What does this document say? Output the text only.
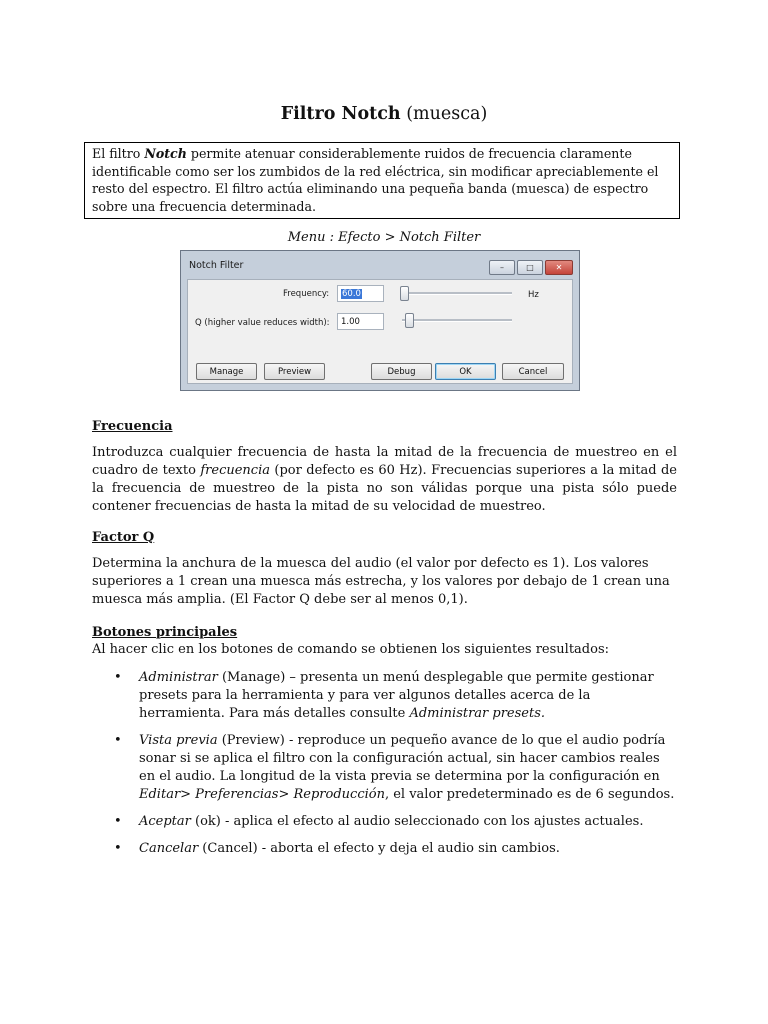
Filtro Notch (muesca)
El filtro Notch permite atenuar considerablemente ruidos de frecuencia claramente identificable como ser los zumbidos de la red eléctrica, sin modificar apreciablemente el resto del espectro. El filtro actúa eliminando una pequeña banda (muesca) de espectro sobre una frecuencia determinada.
Menu : Efecto > Notch Filter
Notch Filter	–	□	✕
Frequency:	60.0	Hz
Q (higher value reduces width):	1.00
Manage	Preview	Debug	OK	Cancel
Frecuencia
Introduzca cualquier frecuencia de hasta la mitad de la frecuencia de muestreo en el cuadro de texto frecuencia (por defecto es 60 Hz). Frecuencias superiores a la mitad de la frecuencia de muestreo de la pista no son válidas porque una pista sólo puede contener frecuencias de hasta la mitad de su velocidad de muestreo.
Factor Q
Determina la anchura de la muesca del audio (el valor por defecto es 1). Los valores superiores a 1 crean una muesca más estrecha, y los valores por debajo de 1 crean una muesca más amplia. (El Factor Q debe ser al menos 0,1).
Botones principales
Al hacer clic en los botones de comando se obtienen los siguientes resultados:
• Administrar (Manage) – presenta un menú desplegable que permite gestionar presets para la herramienta y para ver algunos detalles acerca de la herramienta. Para más detalles consulte Administrar presets.
• Vista previa (Preview) - reproduce un pequeño avance de lo que el audio podría sonar si se aplica el filtro con la configuración actual, sin hacer cambios reales en el audio. La longitud de la vista previa se determina por la configuración en Editar> Preferencias> Reproducción, el valor predeterminado es de 6 segundos.
• Aceptar (ok) - aplica el efecto al audio seleccionado con los ajustes actuales.
• Cancelar (Cancel) - aborta el efecto y deja el audio sin cambios.
